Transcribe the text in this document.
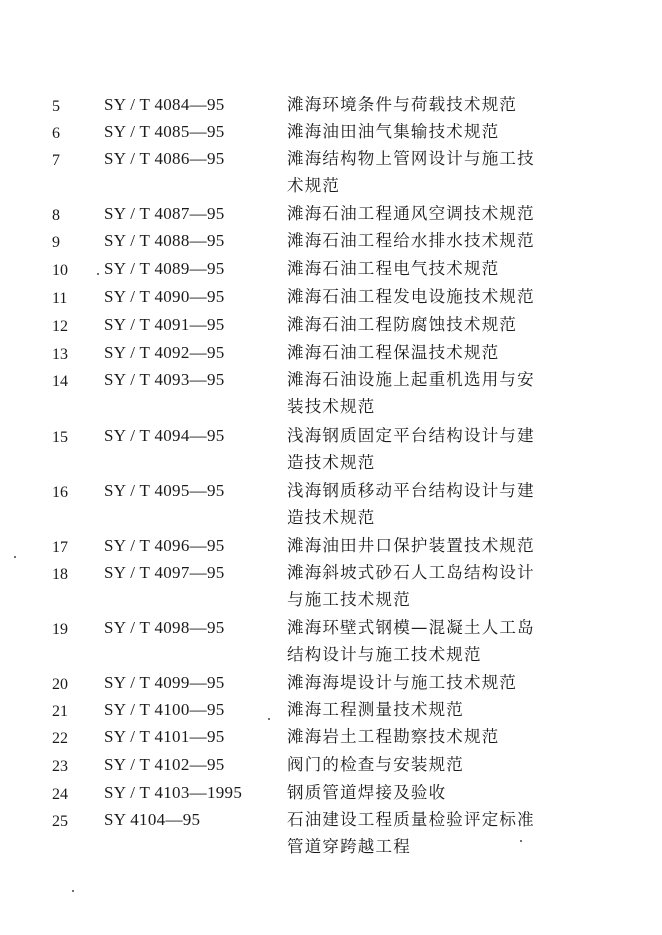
5	SY / T 4084—95	滩海环境条件与荷载技术规范
6	SY / T 4085—95	滩海油田油气集输技术规范
7	SY / T 4086—95	滩海结构物上管网设计与施工技
术规范
8	SY / T 4087—95	滩海石油工程通风空调技术规范
9	SY / T 4088—95	滩海石油工程给水排水技术规范
10	SY / T 4089—95	滩海石油工程电气技术规范
11	SY / T 4090—95	滩海石油工程发电设施技术规范
12	SY / T 4091—95	滩海石油工程防腐蚀技术规范
13	SY / T 4092—95	滩海石油工程保温技术规范
14	SY / T 4093—95	滩海石油设施上起重机选用与安
装技术规范
15	SY / T 4094—95	浅海钢质固定平台结构设计与建
造技术规范
16	SY / T 4095—95	浅海钢质移动平台结构设计与建
造技术规范
17	SY / T 4096—95	滩海油田井口保护装置技术规范
18	SY / T 4097—95	滩海斜坡式砂石人工岛结构设计
与施工技术规范
19	SY / T 4098—95	滩海环壁式钢模—混凝土人工岛
结构设计与施工技术规范
20	SY / T 4099—95	滩海海堤设计与施工技术规范
21	SY / T 4100—95	滩海工程测量技术规范
22	SY / T 4101—95	滩海岩土工程勘察技术规范
23	SY / T 4102—95	阀门的检查与安装规范
24	SY / T 4103—1995	钢质管道焊接及验收
25	SY 4104—95	石油建设工程质量检验评定标准
管道穿跨越工程
